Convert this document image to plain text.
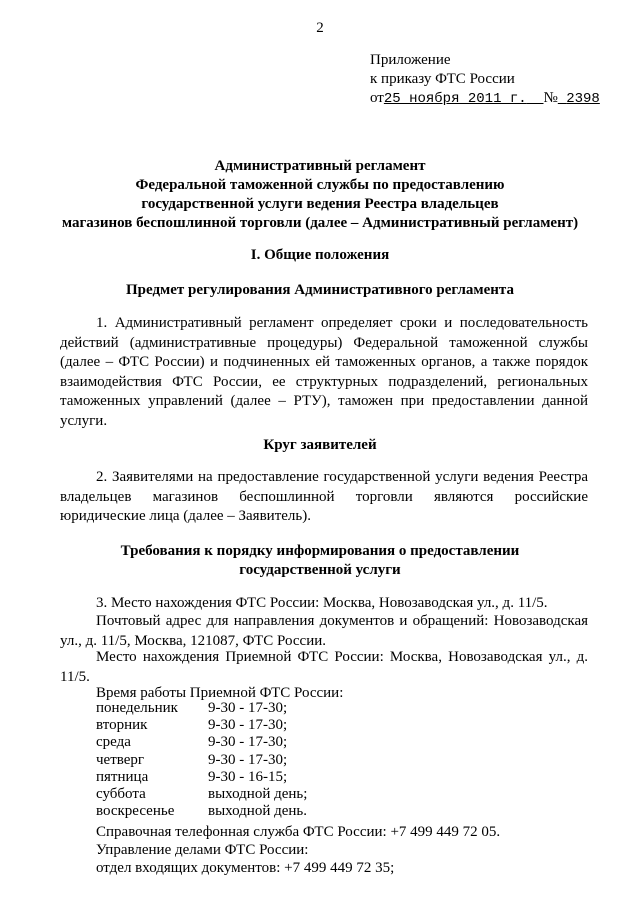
2
Приложение
к приказу ФТС России
от25 ноября 2011 г. № 2398
Административный регламент
Федеральной таможенной службы по предоставлению
государственной услуги ведения Реестра владельцев
магазинов беспошлинной торговли (далее – Административный регламент)
I. Общие положения
Предмет регулирования Административного регламента
1. Административный регламент определяет сроки и последовательность действий (административные процедуры) Федеральной таможенной службы (далее – ФТС России) и подчиненных ей таможенных органов, а также порядок взаимодействия ФТС России, ее структурных подразделений, региональных таможенных управлений (далее – РТУ), таможен при предоставлении данной услуги.
Круг заявителей
2. Заявителями на предоставление государственной услуги ведения Реестра владельцев магазинов беспошлинной торговли являются российские юридические лица (далее – Заявитель).
Требования к порядку информирования о предоставлении
государственной услуги
3. Место нахождения ФТС России: Москва, Новозаводская ул., д. 11/5.
Почтовый адрес для направления документов и обращений: Новозаводская ул., д. 11/5, Москва, 121087, ФТС России.
Место нахождения Приемной ФТС России: Москва, Новозаводская ул., д. 11/5.
Время работы Приемной ФТС России:
понедельник 9-30 - 17-30;
вторник	9-30 - 17-30;
среда	9-30 - 17-30;
четверг	9-30 - 17-30;
пятница	9-30 - 16-15;
суббота	выходной день;
воскресенье выходной день.
Справочная телефонная служба ФТС России: +7 499 449 72 05.
Управление делами ФТС России:
отдел входящих документов: +7 499 449 72 35;
